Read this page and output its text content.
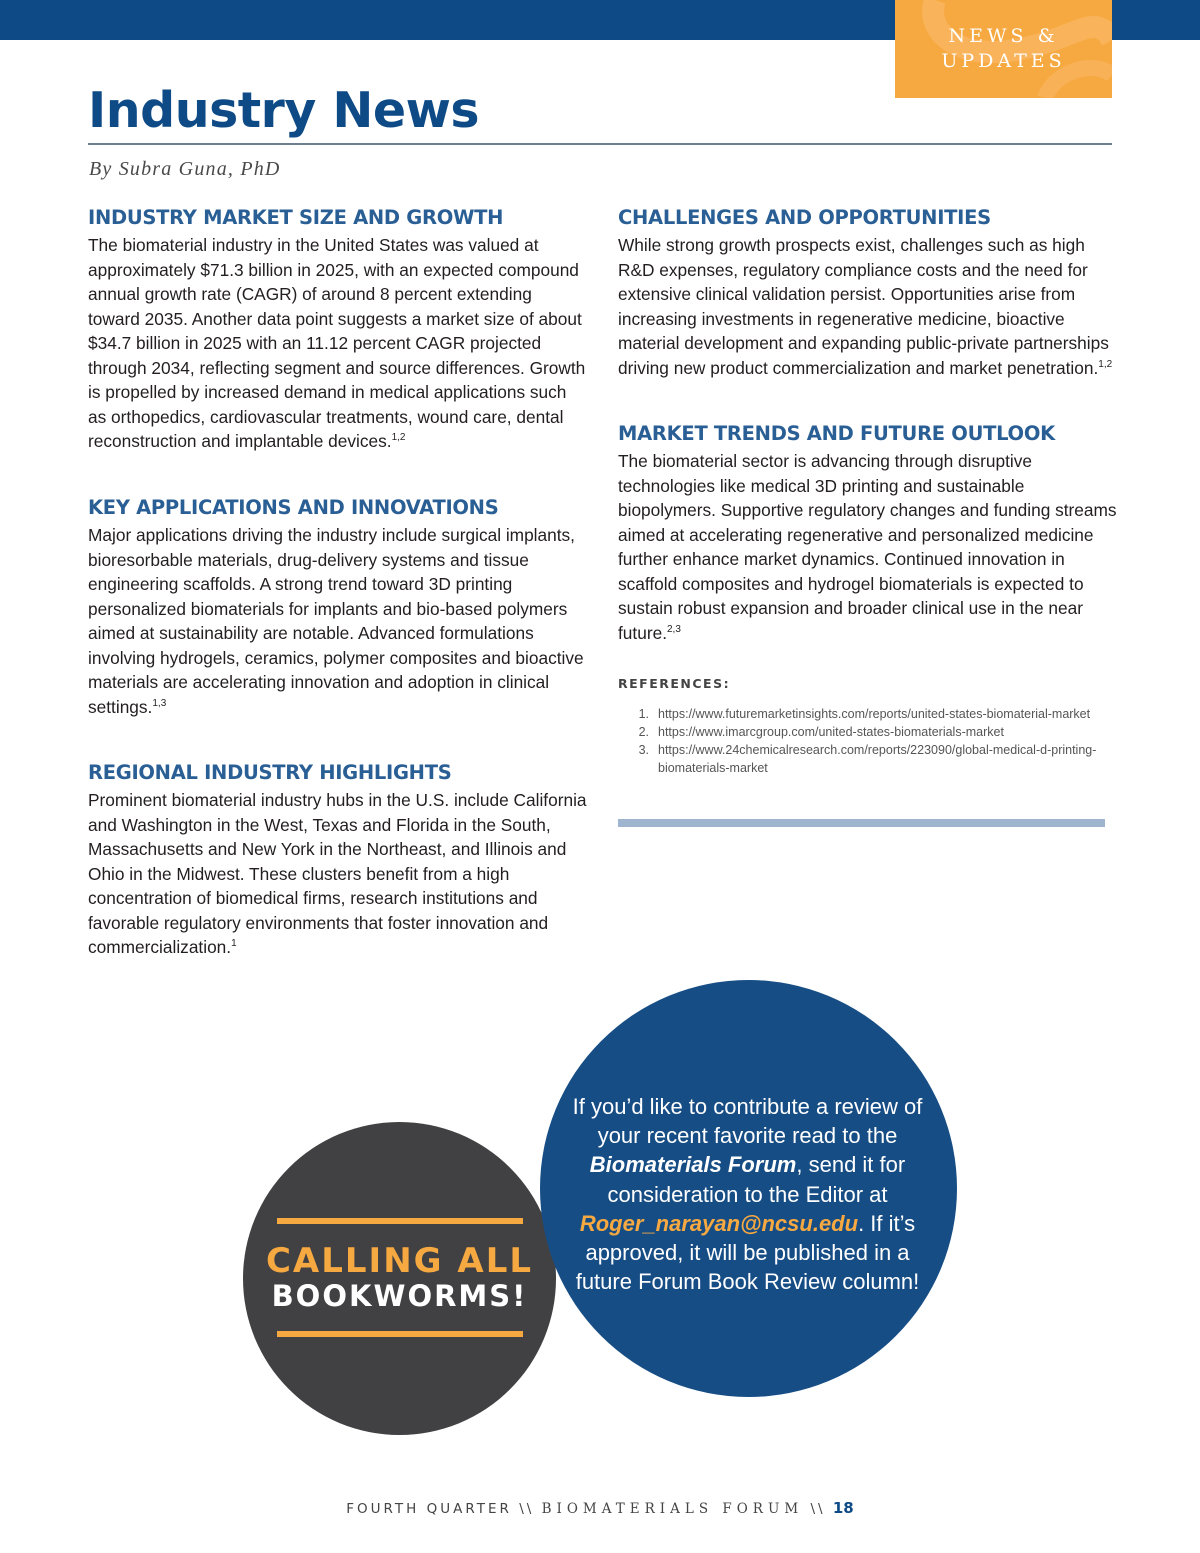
NEWS &
UPDATES
Industry News
By Subra Guna, PhD
INDUSTRY MARKET SIZE AND GROWTH

The biomaterial industry in the United States was valued at approximately $71.3 billion in 2025, with an expected compound annual growth rate (CAGR) of around 8 percent extending toward 2035. Another data point suggests a market size of about $34.7 billion in 2025 with an 11.12 percent CAGR projected through 2034, reflecting segment and source differences. Growth is propelled by increased demand in medical applications such as orthopedics, cardiovascular treatments, wound care, dental reconstruction and implantable devices.$^{1,2}$

KEY APPLICATIONS AND INNOVATIONS

Major applications driving the industry include surgical implants, bioresorbable materials, drug-delivery systems and tissue engineering scaffolds. A strong trend toward 3D printing personalized biomaterials for implants and bio-based polymers aimed at sustainability are notable. Advanced formulations involving hydrogels, ceramics, polymer composites and bioactive materials are accelerating innovation and adoption in clinical settings.$^{1,3}$

REGIONAL INDUSTRY HIGHLIGHTS

Prominent biomaterial industry hubs in the U.S. include California and Washington in the West, Texas and Florida in the South, Massachusetts and New York in the Northeast, and Illinois and Ohio in the Midwest. These clusters benefit from a high concentration of biomedical firms, research institutions and favorable regulatory environments that foster innovation and commercialization.$^1$

CHALLENGES AND OPPORTUNITIES

While strong growth prospects exist, challenges such as high R&D expenses, regulatory compliance costs and the need for extensive clinical validation persist. Opportunities arise from increasing investments in regenerative medicine, bioactive material development and expanding public-private partnerships driving new product commercialization and market penetration.$^{1,2}$

MARKET TRENDS AND FUTURE OUTLOOK

The biomaterial sector is advancing through disruptive technologies like medical 3D printing and sustainable biopolymers. Supportive regulatory changes and funding streams aimed at accelerating regenerative and personalized medicine further enhance market dynamics. Continued innovation in scaffold composites and hydrogel biomaterials is expected to sustain robust expansion and broader clinical use in the near future.$^{2,3}$

REFERENCES:
1. https://www.futuremarketinsights.com/reports/united-states-biomaterial-market
2. https://www.imarcgroup.com/united-states-biomaterials-market
3. https://www.24chemicalresearch.com/reports/223090/global-medical-d-printing-biomaterials-market
CALLING ALL
BOOKWORMS!

If you’d like to contribute a review of your recent favorite read to the Biomaterials Forum, send it for consideration to the Editor at Roger_narayan@ncsu.edu. If it’s approved, it will be published in a future Forum Book Review column!

FOURTH QUARTER \\ BIOMATERIALS FORUM \\ 18
